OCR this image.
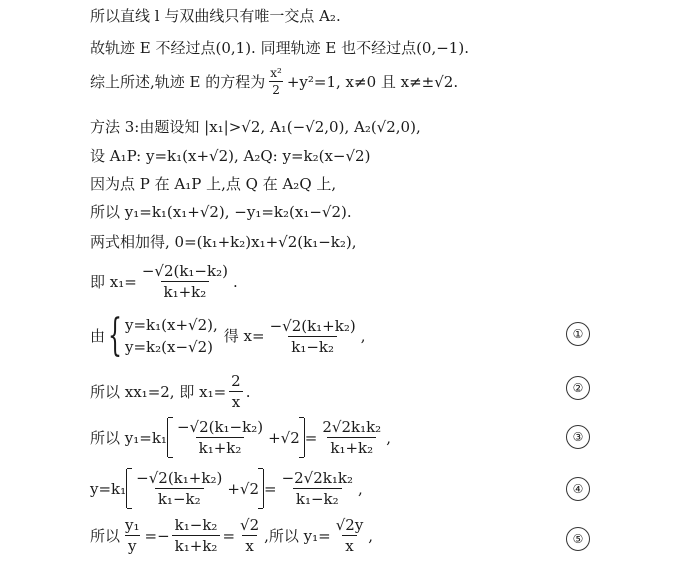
所以直线 l 与双曲线只有唯一交点 A₂.
故轨迹 E 不经过点(0,1). 同理轨迹 E 也不经过点(0,−1).
综上所述,轨迹 E 的方程为 $\frac{\text{x²}}{2} +y^2=1$, x≠0 且 x≠±√2.
方法 3:由题设知 |x₁|>√2, A₁(−√2,0), A₂(√2,0),
设 A₁P: y=k₁(x+√2), A₂Q: y=k₂(x−√2)
因为点 P 在 A₁P 上,点 Q 在 A₂Q 上,
所以 y₁=k₁(x₁+√2), −y₁=k₂(x₁−√2).
两式相加得, 0=(k₁+k₂)x₁+√2(k₁−k₂),
即 $x_1= \frac{\text{−√2(k₁−k₂)}}{\text{k₁+k₂}}$ .
由 { y=k₁(x+√2),
y=k₂(x−√2)
得 $x= \frac{\text{−√2(k₁+k₂)}}{\text{k₁−k₂}}$ ,	①
所以 xx₁=2, 即 $x_1= \frac{2}{x}$ .	②
所以 $y_1=k_1 \frac{\text{−√2(k₁−k₂)}}{\text{k₁+k₂}} +√2 = \frac{\text{2√2k₁k₂}}{\text{k₁+k₂}}$ ,	③
$y=k_1 \frac{\text{−√2(k₁+k₂)}}{\text{k₁−k₂}} +√2 = \frac{\text{−2√2k₁k₂}}{\text{k₁−k₂}}$ ,	④
所以 $\frac{\text{y₁}}{y} =- \frac{\text{k₁−k₂}}{\text{k₁+k₂}} = \frac{√2}{x}$ ,所以 $y_1= \frac{√2y}{x}$ ,	⑤
